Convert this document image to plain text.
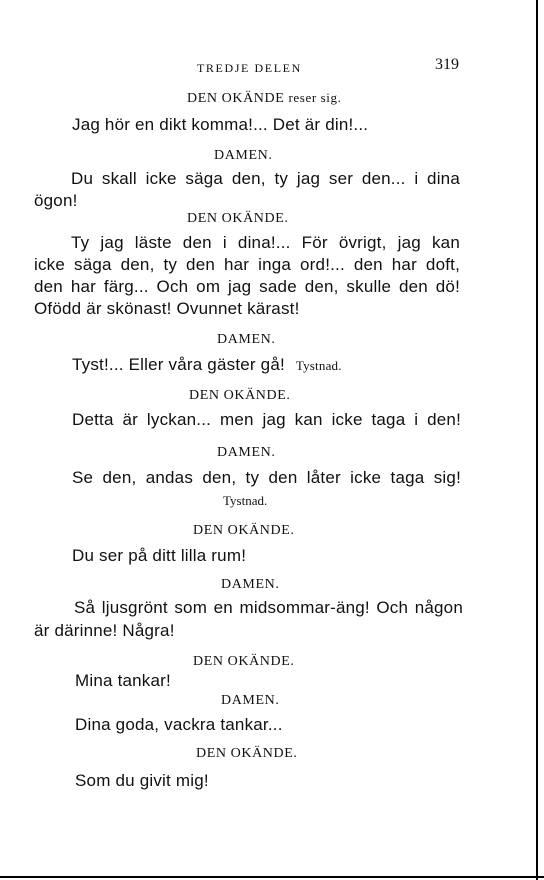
TREDJE DELEN	319
DEN OKÄNDE reser sig.
Jag hör en dikt komma!... Det är din!...
DAMEN.
Du skall icke säga den, ty jag ser den... i dina
ögon!
DEN OKÄNDE.
Ty jag läste den i dina!... För övrigt, jag kan
icke säga den, ty den har inga ord!... den har doft,
den har färg... Och om jag sade den, skulle den dö!
Ofödd är skönast! Ovunnet kärast!
DAMEN.
Tyst!... Eller våra gäster gå! Tystnad.
DEN OKÄNDE.
Detta är lyckan... men jag kan icke taga i den!
DAMEN.
Se den, andas den, ty den låter icke taga sig!
Tystnad.
DEN OKÄNDE.
Du ser på ditt lilla rum!
DAMEN.
Så ljusgrönt som en midsommar-äng! Och någon
är därinne! Några!
DEN OKÄNDE.
Mina tankar!
DAMEN.
Dina goda, vackra tankar...
DEN OKÄNDE.
Som du givit mig!
